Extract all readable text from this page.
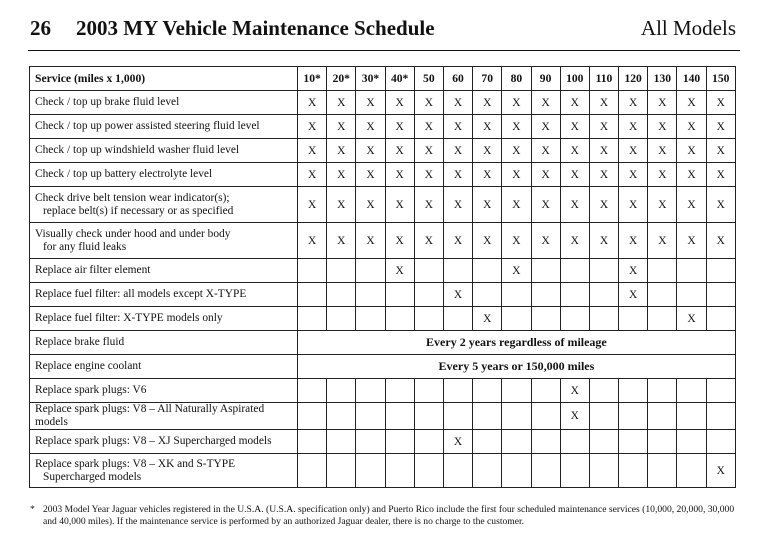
26 2003 MY Vehicle Maintenance Schedule	All Models
Service (miles x 1,000)	10*	20*	30*	40*	50	60	70	80	90	100	110	120	130	140	150

Check / top up brake fluid level	X	X	X	X	X	X	X	X	X	X	X	X	X	X	X

Check / top up power assisted steering fluid level	X	X	X	X	X	X	X	X	X	X	X	X	X	X	X

Check / top up windshield washer fluid level	X	X	X	X	X	X	X	X	X	X	X	X	X	X	X

Check / top up battery electrolyte level	X	X	X	X	X	X	X	X	X	X	X	X	X	X	X

Check drive belt tension wear indicator(s);
replace belt(s) if necessary or as specified	X	X	X	X	X	X	X	X	X	X	X	X	X	X	X

Visually check under hood and under body
for any fluid leaks	X	X	X	X	X	X	X	X	X	X	X	X	X	X	X

Replace air filter element				X				X				X			

Replace fuel filter: all models except X-TYPE						X						X			

Replace fuel filter: X-TYPE models only							X							X	

Replace brake fluid	Every 2 years regardless of mileage														

Replace engine coolant	Every 5 years or 150,000 miles														

Replace spark plugs: V6										X					

Replace spark plugs: V8 – All Naturally Aspirated models										X					

Replace spark plugs: V8 – XJ Supercharged models						X									

Replace spark plugs: V8 – XK and S-TYPE
Supercharged models															X
* 2003 Model Year Jaguar vehicles registered in the U.S.A. (U.S.A. specification only) and Puerto Rico include the first four scheduled maintenance services (10,000, 20,000, 30,000 and 40,000 miles). If the maintenance service is performed by an authorized Jaguar dealer, there is no charge to the customer.
